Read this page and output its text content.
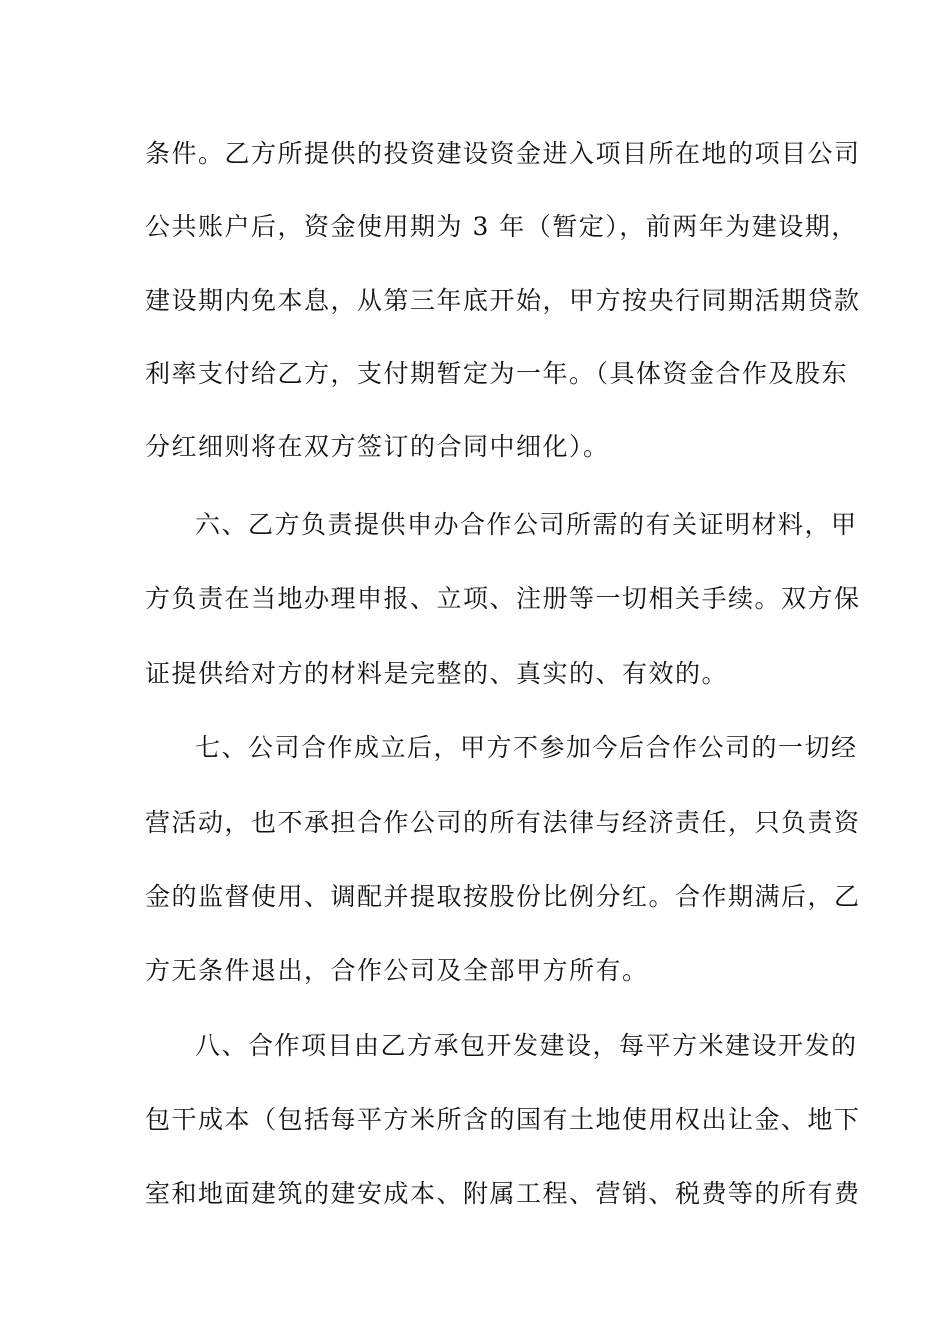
条件。乙方所提供的投资建设资金进入项目所在地的项目公司
公共账户后，资金使用期为 3 年（暂定），前两年为建设期，
建设期内免本息，从第三年底开始，甲方按央行同期活期贷款
利率支付给乙方，支付期暂定为一年。（具体资金合作及股东
分红细则将在双方签订的合同中细化）。
六、乙方负责提供申办合作公司所需的有关证明材料，甲
方负责在当地办理申报、立项、注册等一切相关手续。双方保
证提供给对方的材料是完整的、真实的、有效的。
七、公司合作成立后，甲方不参加今后合作公司的一切经
营活动，也不承担合作公司的所有法律与经济责任，只负责资
金的监督使用、调配并提取按股份比例分红。合作期满后，乙
方无条件退出，合作公司及全部甲方所有。
八、合作项目由乙方承包开发建设，每平方米建设开发的
包干成本（包括每平方米所含的国有土地使用权出让金、地下
室和地面建筑的建安成本、附属工程、营销、税费等的所有费
